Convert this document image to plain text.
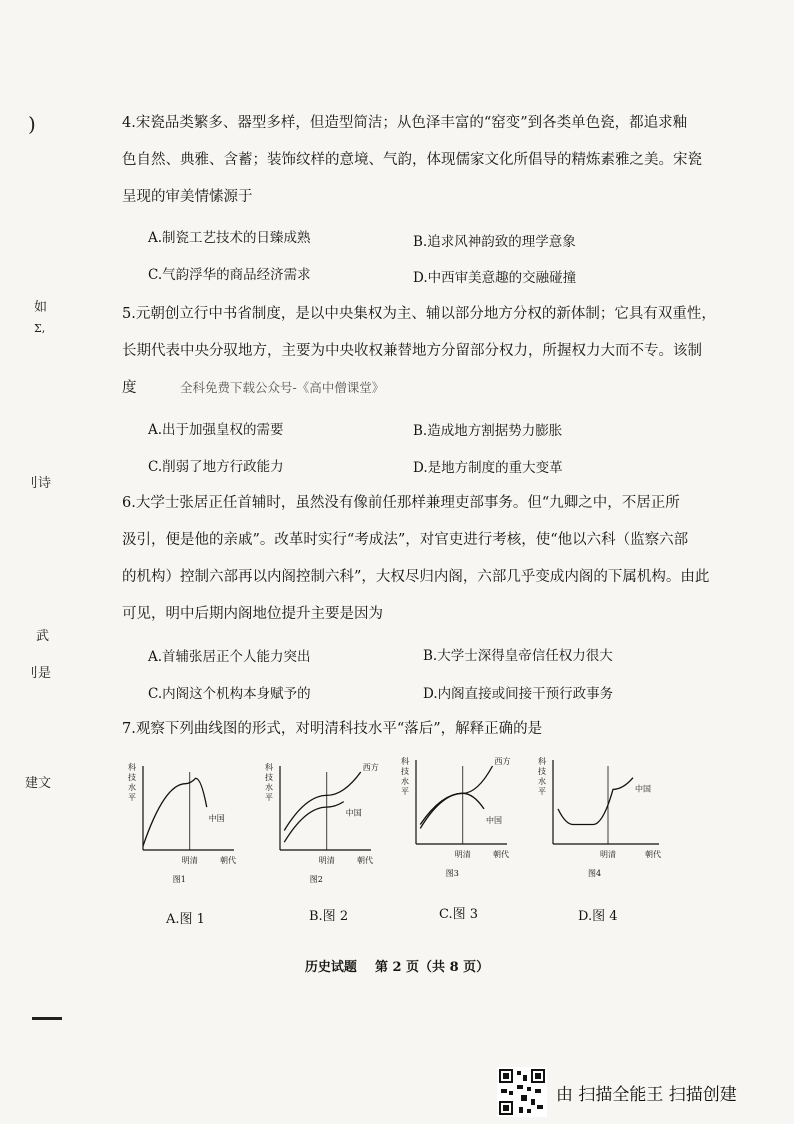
)
如
Σ,
刂诗
武
刂是
建文
4.宋瓷品类繁多、器型多样，但造型简洁；从色泽丰富的“窑变”到各类单色瓷，都追求釉
色自然、典雅、含蓄；装饰纹样的意境、气韵，体现儒家文化所倡导的精炼素雅之美。宋瓷
呈现的审美情愫源于
A.制瓷工艺技术的日臻成熟	B.追求风神韵致的理学意象
C.气韵浮华的商品经济需求	D.中西审美意趣的交融碰撞
5.元朝创立行中书省制度，是以中央集权为主、辅以部分地方分权的新体制；它具有双重性，
长期代表中央分驭地方，主要为中央收权兼替地方分留部分权力，所握权力大而不专。该制
度	全科免费下载公众号-《高中僧课堂》
A.出于加强皇权的需要	B.造成地方割据势力膨胀
C.削弱了地方行政能力	D.是地方制度的重大变革
6.大学士张居正任首辅时，虽然没有像前任那样兼理吏部事务。但“九卿之中，不居正所
汲引，便是他的亲戚”。改革时实行“考成法”，对官吏进行考核，使“他以六科（监察六部
的机构）控制六部再以内阁控制六科”，大权尽归内阁，六部几乎变成内阁的下属机构。由此
可见，明中后期内阁地位提升主要是因为
A.首辅张居正个人能力突出	B.大学士深得皇帝信任权力很大
C.内阁这个机构本身赋予的	D.内阁直接或间接干预行政事务
7.观察下列曲线图的形式，对明清科技水平“落后”，解释正确的是
科技水平
明清	朝代
中国
图1
科技水平
明清	朝代
西方
中国
图2
科技水平
明清	朝代
西方
中国
图3
科技水平
明清	朝代
中国
图4
A.图 1	B.图 2	C.图 3	D.图 4
历史试题    第 2 页（共 8 页）
由 扫描全能王 扫描创建
